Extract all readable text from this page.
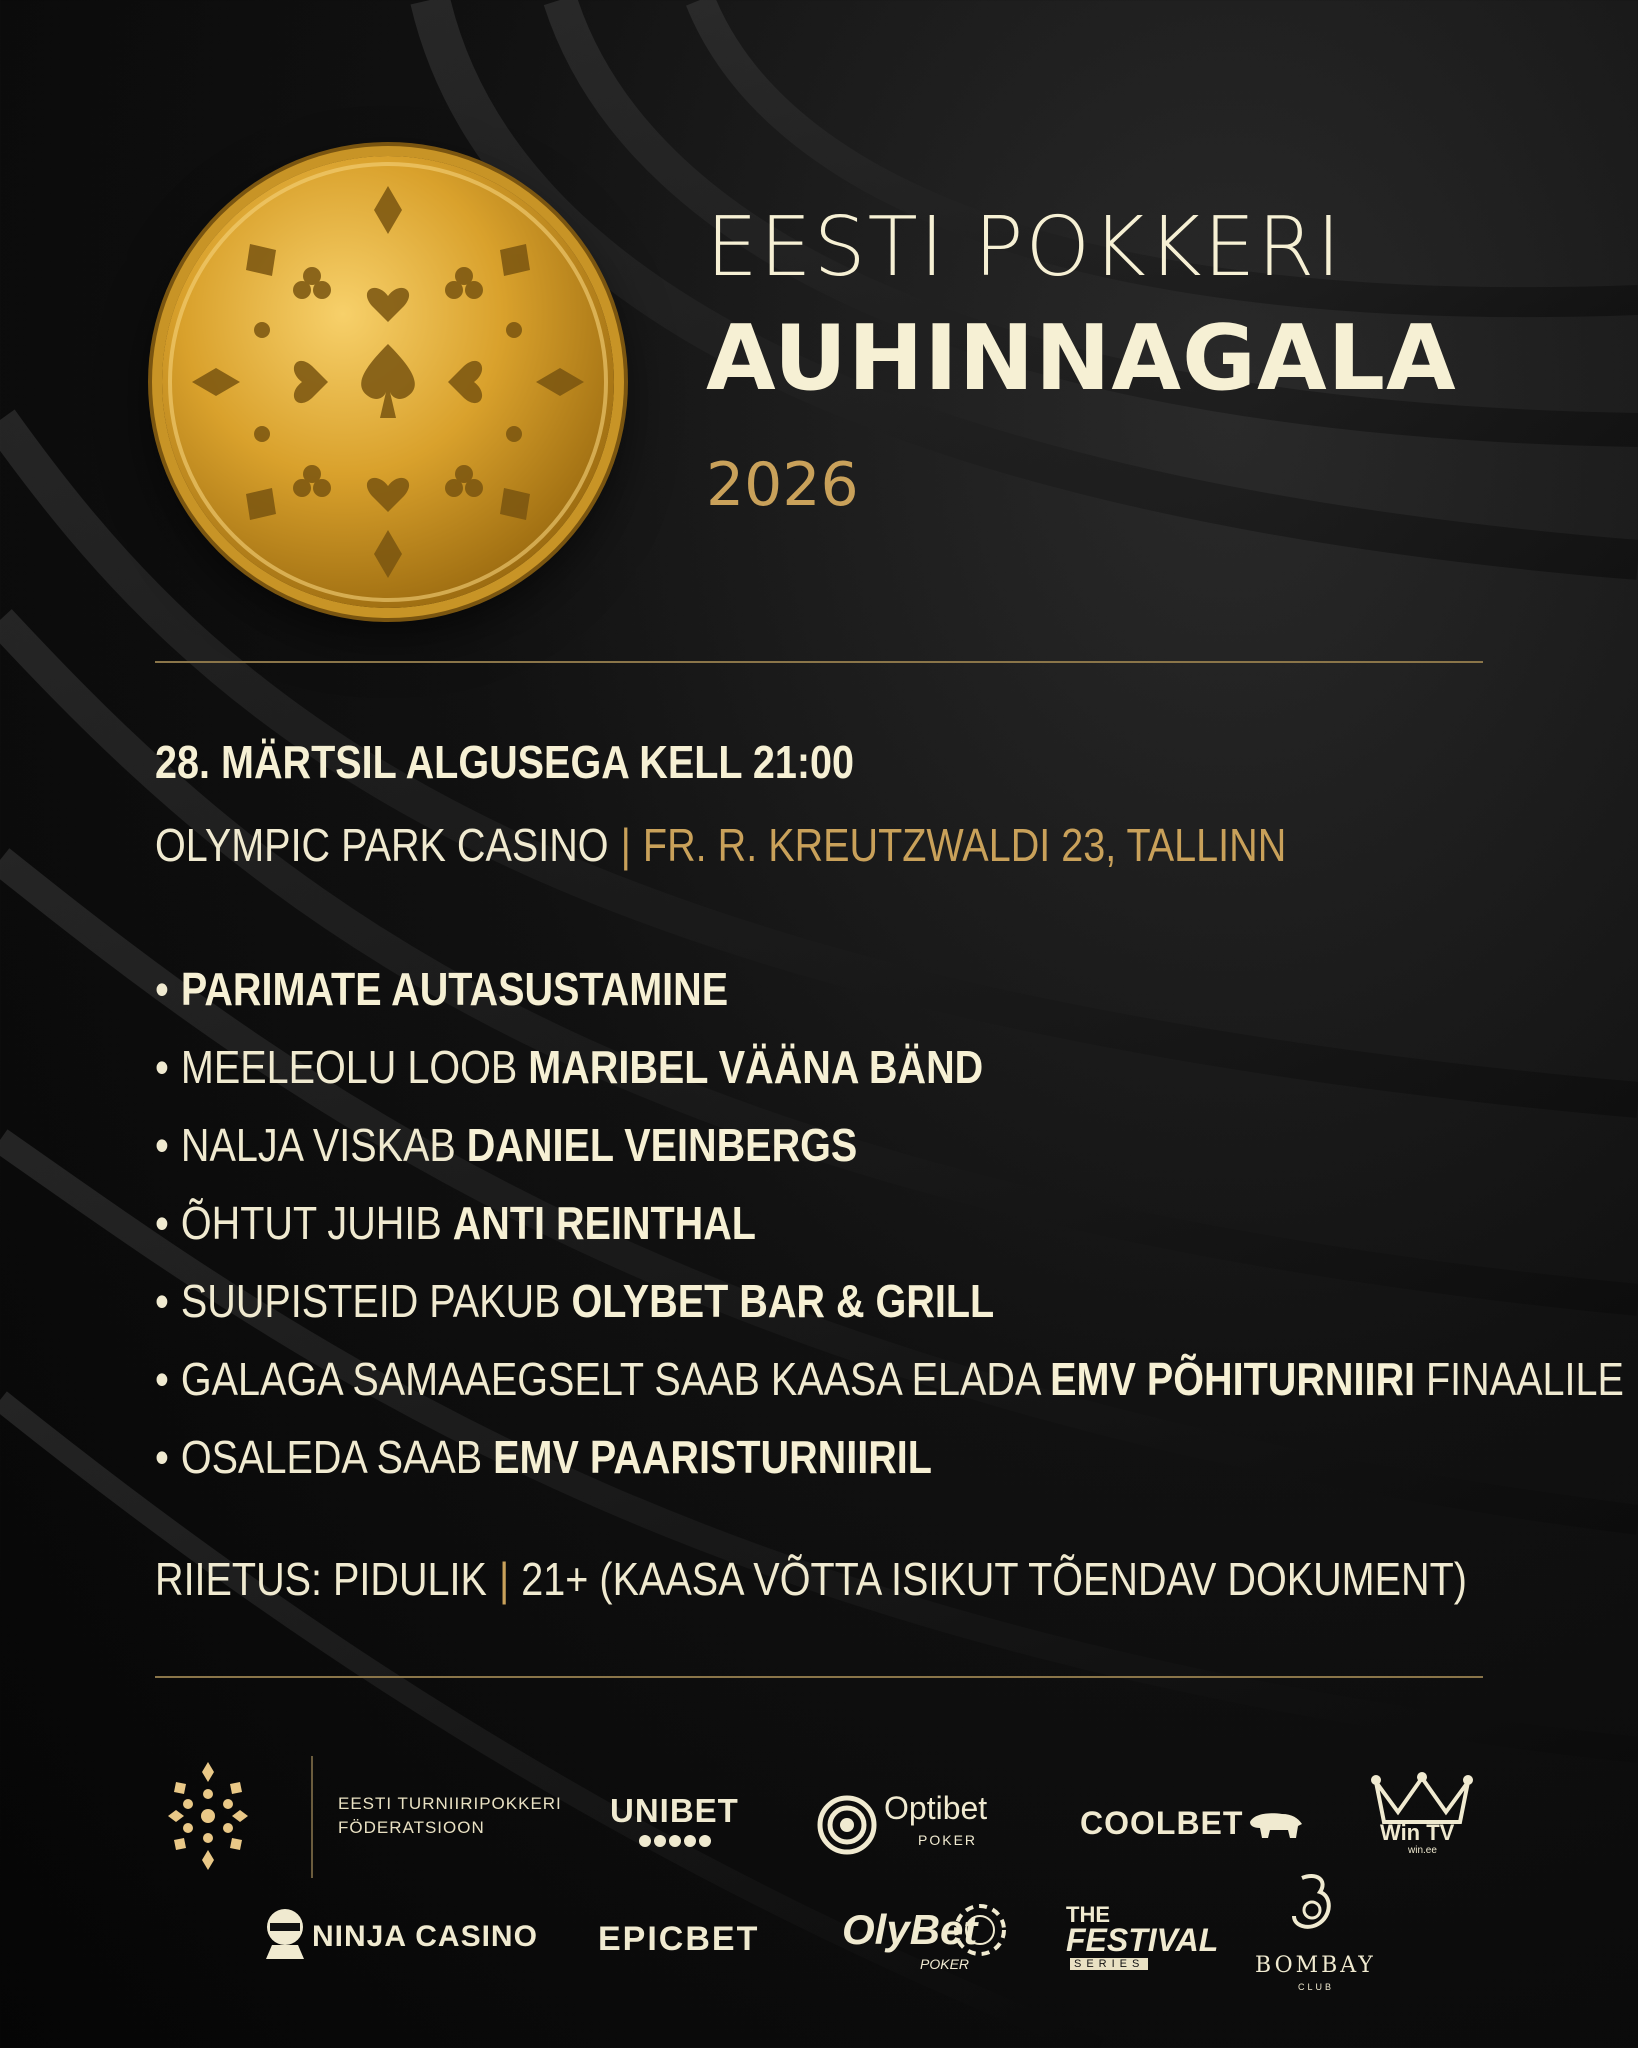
EESTI POKKERI
AUHINNAGALA
2026
28. MÄRTSIL ALGUSEGA KELL 21:00
OLYMPIC PARK CASINO | FR. R. KREUTZWALDI 23, TALLINN
• PARIMATE AUTASUSTAMINE
• MEELEOLU LOOB MARIBEL VÄÄNA BÄND
• NALJA VISKAB DANIEL VEINBERGS
• ÕHTUT JUHIB ANTI REINTHAL
• SUUPISTEID PAKUB OLYBET BAR & GRILL
• GALAGA SAMAAEGSELT SAAB KAASA ELADA EMV PÕHITURNIIRI FINAALILE
• OSALEDA SAAB EMV PAARISTURNIIRIL
RIIETUS: PIDULIK | 21+ (KAASA VÕTTA ISIKUT TÕENDAV DOKUMENT)
EESTI TURNIIRIPOKKERI
FÖDERATSIOON	UNIBET	Optibet
POKER	COOLBET	Win TV
win.ee
NINJA CASINO EPICBET OlyBet
POKER
THE
FESTIVAL
SERIES	BOMBAY
CLUB
